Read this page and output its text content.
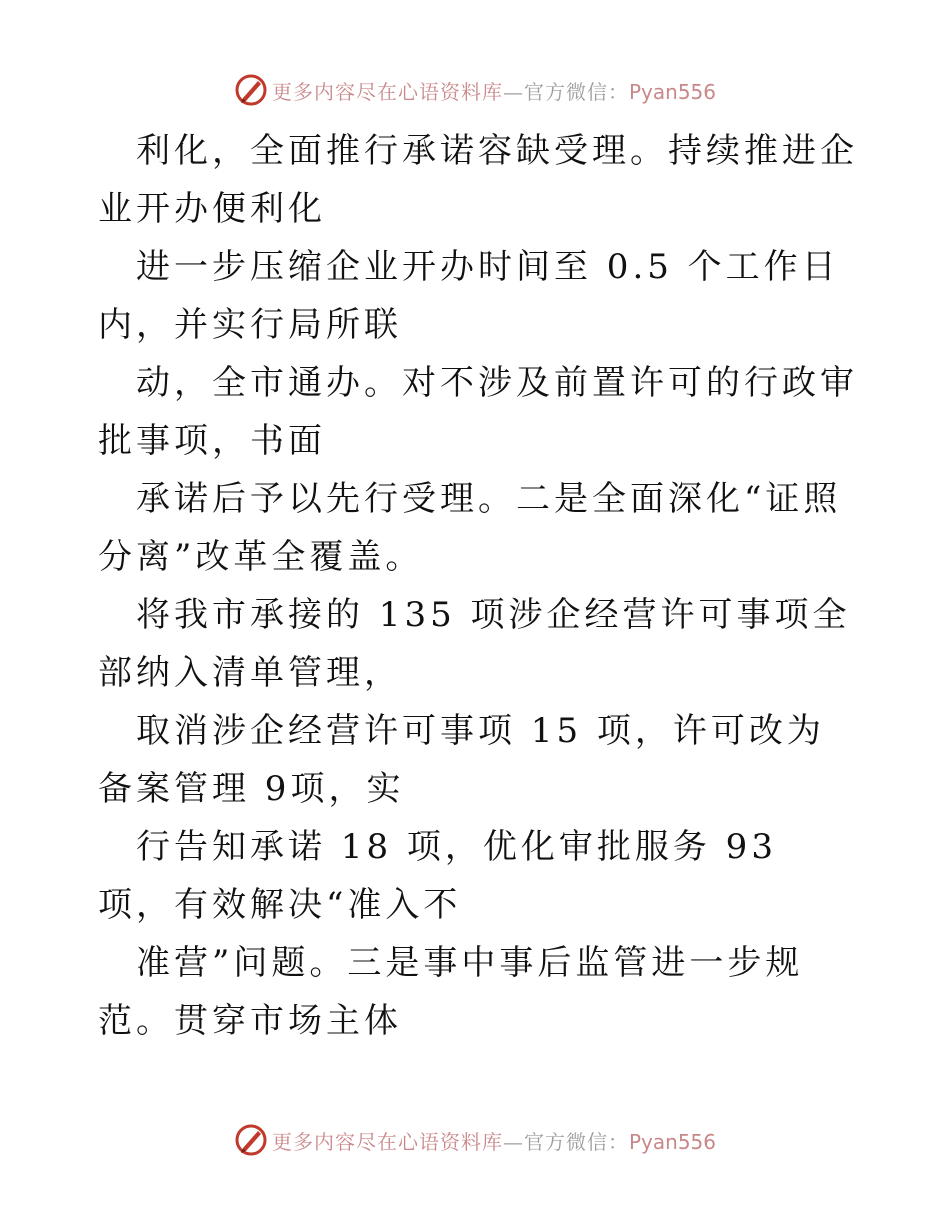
更多内容尽在心语资料库—官方微信：Pyan556

利化，全面推行承诺容缺受理。持续推进企业开办便利化

进一步压缩企业开办时间至 0.5 个工作日内，并实行局所联

动，全市通办。对不涉及前置许可的行政审批事项，书面

承诺后予以先行受理。二是全面深化“证照分离”改革全覆盖。

将我市承接的 135 项涉企经营许可事项全部纳入清单管理，

取消涉企经营许可事项 15 项，许可改为备案管理 9项，实

行告知承诺 18 项，优化审批服务 93 项，有效解决“准入不

准营”问题。三是事中事后监管进一步规范。贯穿市场主体

更多内容尽在心语资料库—官方微信：Pyan556
